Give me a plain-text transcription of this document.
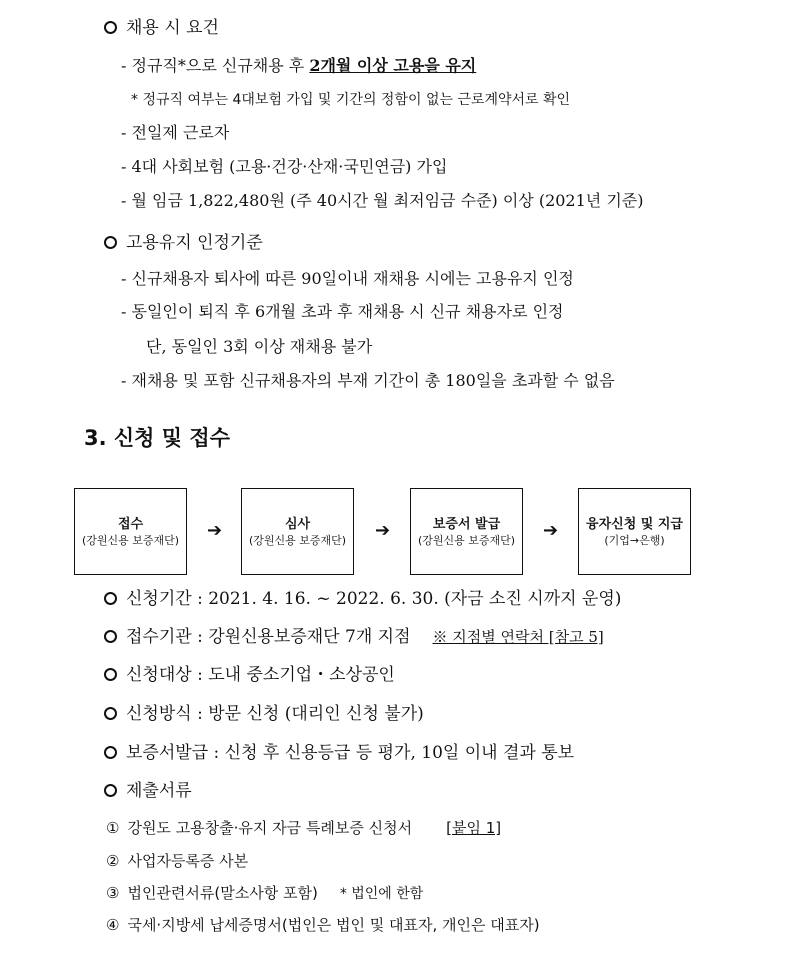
채용 시 요건
- 정규직*으로 신규채용 후 2개월 이상 고용을 유지
* 정규직 여부는 4대보험 가입 및 기간의 정함이 없는 근로계약서로 확인
- 전일제 근로자
- 4대 사회보험 (고용·건강·산재·국민연금) 가입
- 월 임금 1,822,480원 (주 40시간 월 최저임금 수준) 이상 (2021년 기준)
고용유지 인정기준
- 신규채용자 퇴사에 따른 90일이내 재채용 시에는 고용유지 인정
- 동일인이 퇴직 후 6개월 초과 후 재채용 시 신규 채용자로 인정
단, 동일인 3회 이상 재채용 불가
- 재채용 및 포함 신규채용자의 부재 기간이 총 180일을 초과할 수 없음
3. 신청 및 접수
접수
(강원신용 보증재단)	➔	심사
(강원신용 보증재단)	➔	보증서 발급
(강원신용 보증재단)	➔	융자신청 및 지급
(기업→은행)
신청기간 : 2021. 4. 16. ~ 2022. 6. 30. (자금 소진 시까지 운영)
접수기관 : 강원신용보증재단 7개 지점 ※ 지점별 연락처 [참고 5]
신청대상 : 도내 중소기업・소상공인
신청방식 : 방문 신청 (대리인 신청 불가)
보증서발급 : 신청 후 신용등급 등 평가, 10일 이내 결과 통보
제출서류
① 강원도 고용창출·유지 자금 특례보증 신청서 [붙임 1]
② 사업자등록증 사본
③ 법인관련서류(말소사항 포함) * 법인에 한함
④ 국세·지방세 납세증명서(법인은 법인 및 대표자, 개인은 대표자)
